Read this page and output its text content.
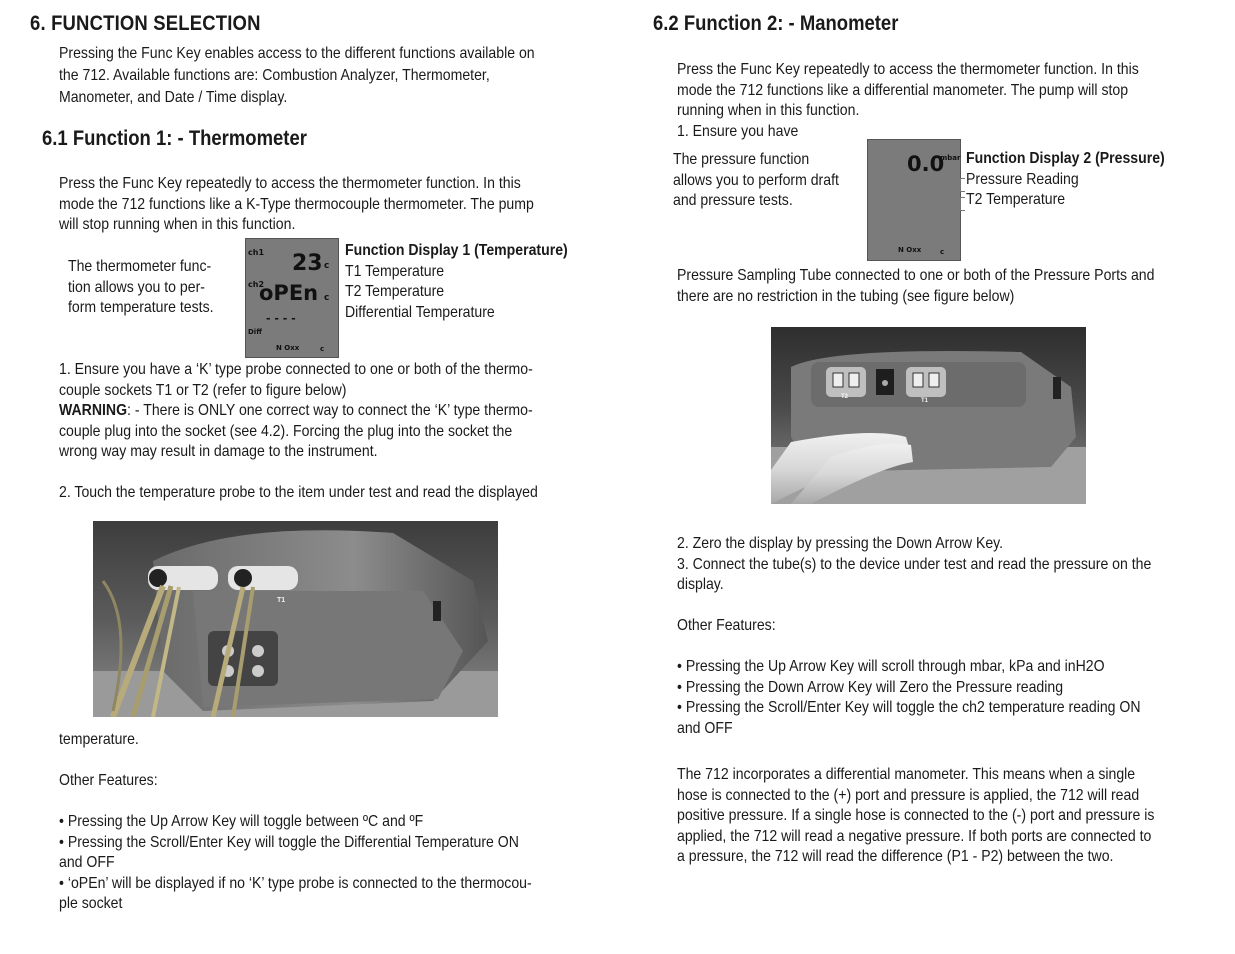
6. FUNCTION SELECTION
Pressing the Func Key enables access to the different functions available on
the 712. Available functions are: Combustion Analyzer, Thermometer,
Manometer, and Date / Time display.
6.1 Function 1: - Thermometer
Press the Func Key repeatedly to access the thermometer function. In this
mode the 712 functions like a K-Type thermocouple thermometer. The pump
will stop running when in this function.
The thermometer func-
tion allows you to per-
form temperature tests.
ch1 23 c
ch2
oPEn c
- - - -
Diff
N Oxx	c
Function Display 1 (Temperature)
T1 Temperature
T2 Temperature
Differential Temperature
1. Ensure you have a ‘K’ type probe connected to one or both of the thermo-
couple sockets T1 or T2 (refer to figure below)
WARNING: - There is ONLY one correct way to connect the ‘K’ type thermo-
couple plug into the socket (see 4.2). Forcing the plug into the socket the
wrong way may result in damage to the instrument.
2. Touch the temperature probe to the item under test and read the displayed
T1
temperature.
Other Features:
• Pressing the Up Arrow Key will toggle between ºC and ºF
• Pressing the Scroll/Enter Key will toggle the Differential Temperature ON
and OFF
• ‘oPEn’ will be displayed if no ‘K’ type probe is connected to the thermocou-
ple socket
6.2 Function 2: - Manometer
Press the Func Key repeatedly to access the thermometer function. In this
mode the 712 functions like a differential manometer. The pump will stop
running when in this function.
1. Ensure you have
The pressure function
allows you to perform draft
and pressure tests.
0.0
mbar
N Oxx	c
Function Display 2 (Pressure)
Pressure Reading
T2 Temperature
Pressure Sampling Tube connected to one or both of the Pressure Ports and
there are no restriction in the tubing (see figure below)
T2
T1
2. Zero the display by pressing the Down Arrow Key.
3. Connect the tube(s) to the device under test and read the pressure on the
display.
Other Features:
• Pressing the Up Arrow Key will scroll through mbar, kPa and inH2O
• Pressing the Down Arrow Key will Zero the Pressure reading
• Pressing the Scroll/Enter Key will toggle the ch2 temperature reading ON
and OFF
The 712 incorporates a differential manometer. This means when a single
hose is connected to the (+) port and pressure is applied, the 712 will read
positive pressure. If a single hose is connected to the (-) port and pressure is
applied, the 712 will read a negative pressure. If both ports are connected to
a pressure, the 712 will read the difference (P1 - P2) between the two.
